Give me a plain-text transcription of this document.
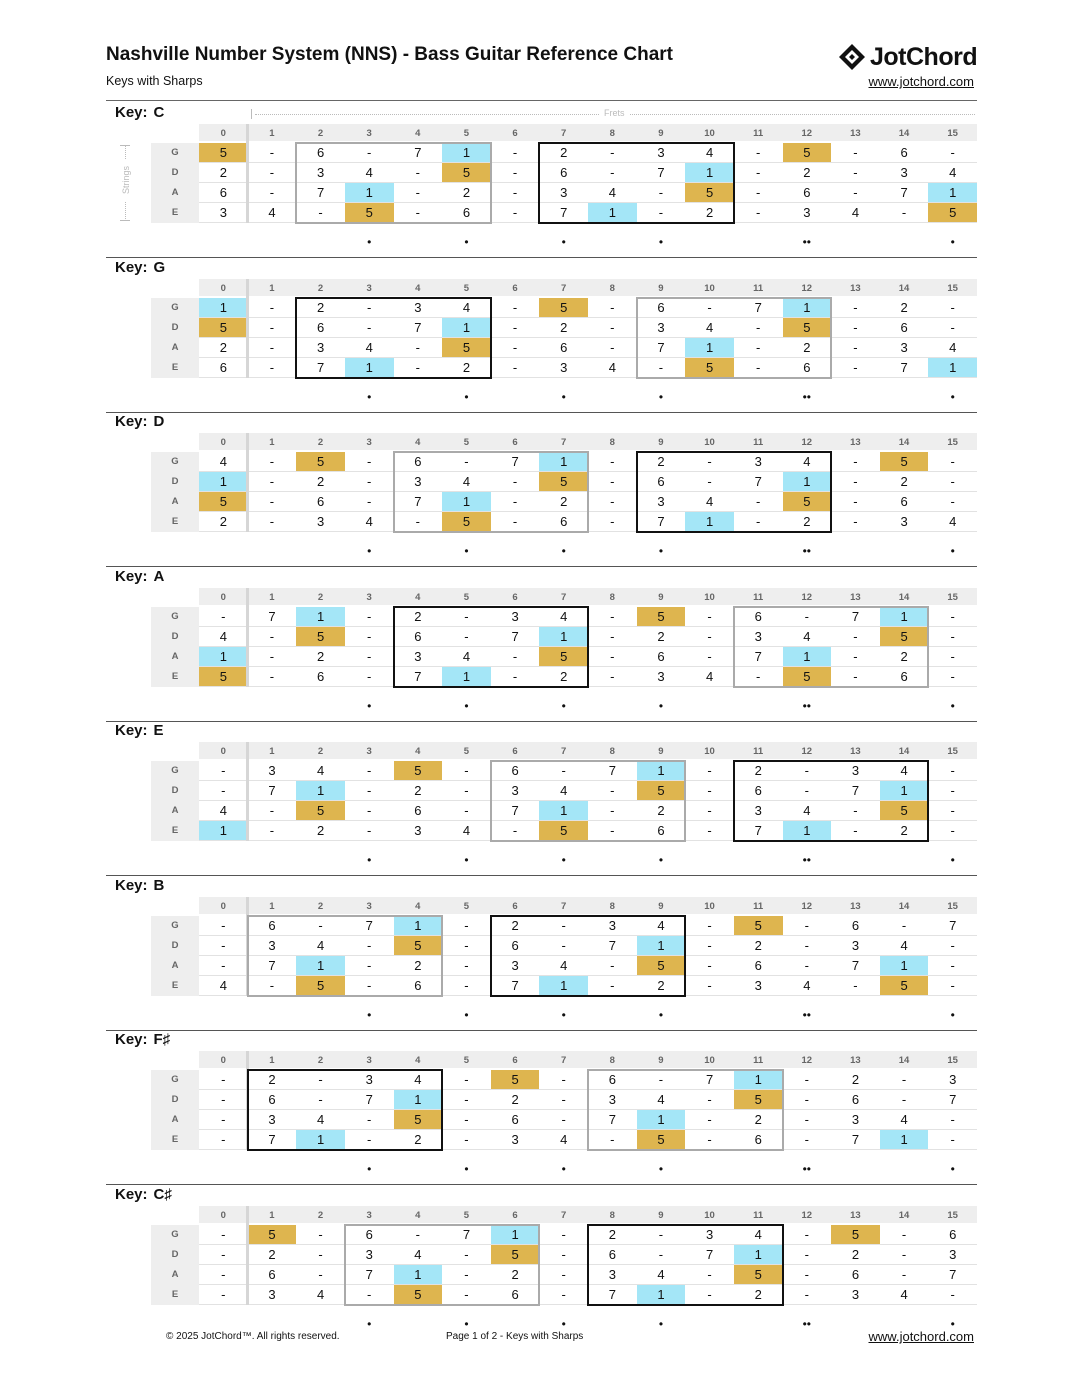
Nashville Number System (NNS) - Bass Guitar Reference Chart
Keys with Sharps
JotChord
www.jotchord.com
Key: C
0	1	2	3	4	5	6	7	8	9	10	11	12	13	14	15
G	5	-	6	-	7	1	-	2	-	3	4	-	5	-	6	-
D	2	-	3	4	-	5	-	6	-	7	1	-	2	-	3	4
A	6	-	7	1	-	2	-	3	4	-	5	-	6	-	7	1
E	3	4	-	5	-	6	-	7	1	-	2	-	3	4	-	5
•	•	•	•	••	•
Key: G
0	1	2	3	4	5	6	7	8	9	10	11	12	13	14	15
G	1	-	2	-	3	4	-	5	-	6	-	7	1	-	2	-
D	5	-	6	-	7	1	-	2	-	3	4	-	5	-	6	-
A	2	-	3	4	-	5	-	6	-	7	1	-	2	-	3	4
E	6	-	7	1	-	2	-	3	4	-	5	-	6	-	7	1
•	•	•	•	••	•
Key: D
0	1	2	3	4	5	6	7	8	9	10	11	12	13	14	15
G	4	-	5	-	6	-	7	1	-	2	-	3	4	-	5	-
D	1	-	2	-	3	4	-	5	-	6	-	7	1	-	2	-
A	5	-	6	-	7	1	-	2	-	3	4	-	5	-	6	-
E	2	-	3	4	-	5	-	6	-	7	1	-	2	-	3	4
•	•	•	•	••	•
Key: A
0	1	2	3	4	5	6	7	8	9	10	11	12	13	14	15
G	-	7	1	-	2	-	3	4	-	5	-	6	-	7	1	-
D	4	-	5	-	6	-	7	1	-	2	-	3	4	-	5	-
A	1	-	2	-	3	4	-	5	-	6	-	7	1	-	2	-
E	5	-	6	-	7	1	-	2	-	3	4	-	5	-	6	-
•	•	•	•	••	•
Key: E
0	1	2	3	4	5	6	7	8	9	10	11	12	13	14	15
G	-	3	4	-	5	-	6	-	7	1	-	2	-	3	4	-
D	-	7	1	-	2	-	3	4	-	5	-	6	-	7	1	-
A	4	-	5	-	6	-	7	1	-	2	-	3	4	-	5	-
E	1	-	2	-	3	4	-	5	-	6	-	7	1	-	2	-
•	•	•	•	••	•
Key: B
0	1	2	3	4	5	6	7	8	9	10	11	12	13	14	15
G	-	6	-	7	1	-	2	-	3	4	-	5	-	6	-	7
D	-	3	4	-	5	-	6	-	7	1	-	2	-	3	4	-
A	-	7	1	-	2	-	3	4	-	5	-	6	-	7	1	-
E	4	-	5	-	6	-	7	1	-	2	-	3	4	-	5	-
•	•	•	•	••	•
Key: F♯
0	1	2	3	4	5	6	7	8	9	10	11	12	13	14	15
G	-	2	-	3	4	-	5	-	6	-	7	1	-	2	-	3
D	-	6	-	7	1	-	2	-	3	4	-	5	-	6	-	7
A	-	3	4	-	5	-	6	-	7	1	-	2	-	3	4	-
E	-	7	1	-	2	-	3	4	-	5	-	6	-	7	1	-
•	•	•	•	••	•
Key: C♯
0	1	2	3	4	5	6	7	8	9	10	11	12	13	14	15
G	-	5	-	6	-	7	1	-	2	-	3	4	-	5	-	6
D	-	2	-	3	4	-	5	-	6	-	7	1	-	2	-	3
A	-	6	-	7	1	-	2	-	3	4	-	5	-	6	-	7
E	-	3	4	-	5	-	6	-	7	1	-	2	-	3	4	-
•	•	•	•	••	•
Frets
Strings
© 2025 JotChord™. All rights reserved.	Page 1 of 2 - Keys with Sharps	www.jotchord.com
